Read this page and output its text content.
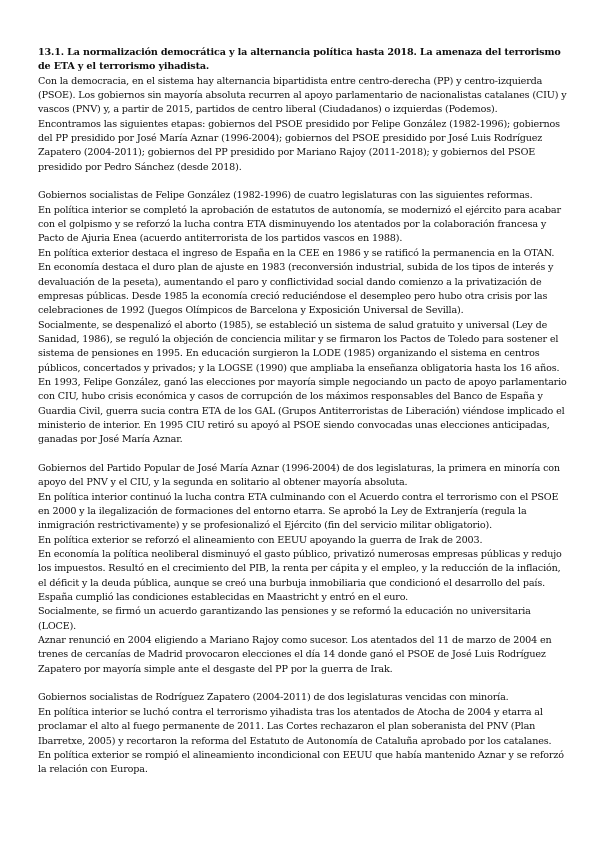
13.1. La normalización democrática y la alternancia política hasta 2018. La amenaza del terrorismo de ETA y el terrorismo yihadista.

Con la democracia, en el sistema hay alternancia bipartidista entre centro-derecha (PP) y centro-izquierda (PSOE). Los gobiernos sin mayoría absoluta recurren al apoyo parlamentario de nacionalistas catalanes (CIU) y vascos (PNV) y, a partir de 2015, partidos de centro liberal (Ciudadanos) o izquierdas (Podemos).

Encontramos las siguientes etapas: gobiernos del PSOE presidido por Felipe González (1982-1996); gobiernos del PP presidido por José María Aznar (1996-2004); gobiernos del PSOE presidido por José Luis Rodríguez Zapatero (2004-2011); gobiernos del PP presidido por Mariano Rajoy (2011-2018); y gobiernos del PSOE presidido por Pedro Sánchez (desde 2018).

Gobiernos socialistas de Felipe González (1982-1996) de cuatro legislaturas con las siguientes reformas.

En política interior se completó la aprobación de estatutos de autonomía, se modernizó el ejército para acabar con el golpismo y se reforzó la lucha contra ETA disminuyendo los atentados por la colaboración francesa y Pacto de Ajuria Enea (acuerdo antiterrorista de los partidos vascos en 1988).

En política exterior destaca el ingreso de España en la CEE en 1986 y se ratificó la permanencia en la OTAN.

En economía destaca el duro plan de ajuste en 1983 (reconversión industrial, subida de los tipos de interés y devaluación de la peseta), aumentando el paro y conflictividad social dando comienzo a la privatización de empresas públicas. Desde 1985 la economía creció reduciéndose el desempleo pero hubo otra crisis por las celebraciones de 1992 (Juegos Olímpicos de Barcelona y Exposición Universal de Sevilla).

Socialmente, se despenalizó el aborto (1985), se estableció un sistema de salud gratuito y universal (Ley de Sanidad, 1986), se reguló la objeción de conciencia militar y se firmaron los Pactos de Toledo para sostener el sistema de pensiones en 1995. En educación surgieron la LODE (1985) organizando el sistema en centros públicos, concertados y privados; y la LOGSE (1990) que ampliaba la enseñanza obligatoria hasta los 16 años.

En 1993, Felipe González, ganó las elecciones por mayoría simple negociando un pacto de apoyo parlamentario con CIU, hubo crisis económica y casos de corrupción de los máximos responsables del Banco de España y Guardia Civil, guerra sucia contra ETA de los GAL (Grupos Antiterroristas de Liberación) viéndose implicado el ministerio de interior. En 1995 CIU retiró su apoyó al PSOE siendo convocadas unas elecciones anticipadas, ganadas por José María Aznar.

Gobiernos del Partido Popular de José María Aznar (1996-2004) de dos legislaturas, la primera en minoría con apoyo del PNV y el CIU, y la segunda en solitario al obtener mayoría absoluta.

En política interior continuó la lucha contra ETA culminando con el Acuerdo contra el terrorismo con el PSOE en 2000 y la ilegalización de formaciones del entorno etarra. Se aprobó la Ley de Extranjería (regula la inmigración restrictivamente) y se profesionalizó el Ejército (fin del servicio militar obligatorio).

En política exterior se reforzó el alineamiento con EEUU apoyando la guerra de Irak de 2003.

En economía la política neoliberal disminuyó el gasto público, privatizó numerosas empresas públicas y redujo los impuestos. Resultó en el crecimiento del PIB, la renta per cápita y el empleo, y la reducción de la inflación, el déficit y la deuda pública, aunque se creó una burbuja inmobiliaria que condicionó el desarrollo del país. España cumplió las condiciones establecidas en Maastricht y entró en el euro.

Socialmente, se firmó un acuerdo garantizando las pensiones y se reformó la educación no universitaria (LOCE).

Aznar renunció en 2004 eligiendo a Mariano Rajoy como sucesor. Los atentados del 11 de marzo de 2004 en trenes de cercanías de Madrid provocaron elecciones el día 14 donde ganó el PSOE de José Luis Rodríguez Zapatero por mayoría simple ante el desgaste del PP por la guerra de Irak.

Gobiernos socialistas de Rodríguez Zapatero (2004-2011) de dos legislaturas vencidas con minoría.

En política interior se luchó contra el terrorismo yihadista tras los atentados de Atocha de 2004 y etarra al proclamar el alto al fuego permanente de 2011. Las Cortes rechazaron el plan soberanista del PNV (Plan Ibarretxe, 2005) y recortaron la reforma del Estatuto de Autonomía de Cataluña aprobado por los catalanes.

En política exterior se rompió el alineamiento incondicional con EEUU que había mantenido Aznar y se reforzó la relación con Europa.
